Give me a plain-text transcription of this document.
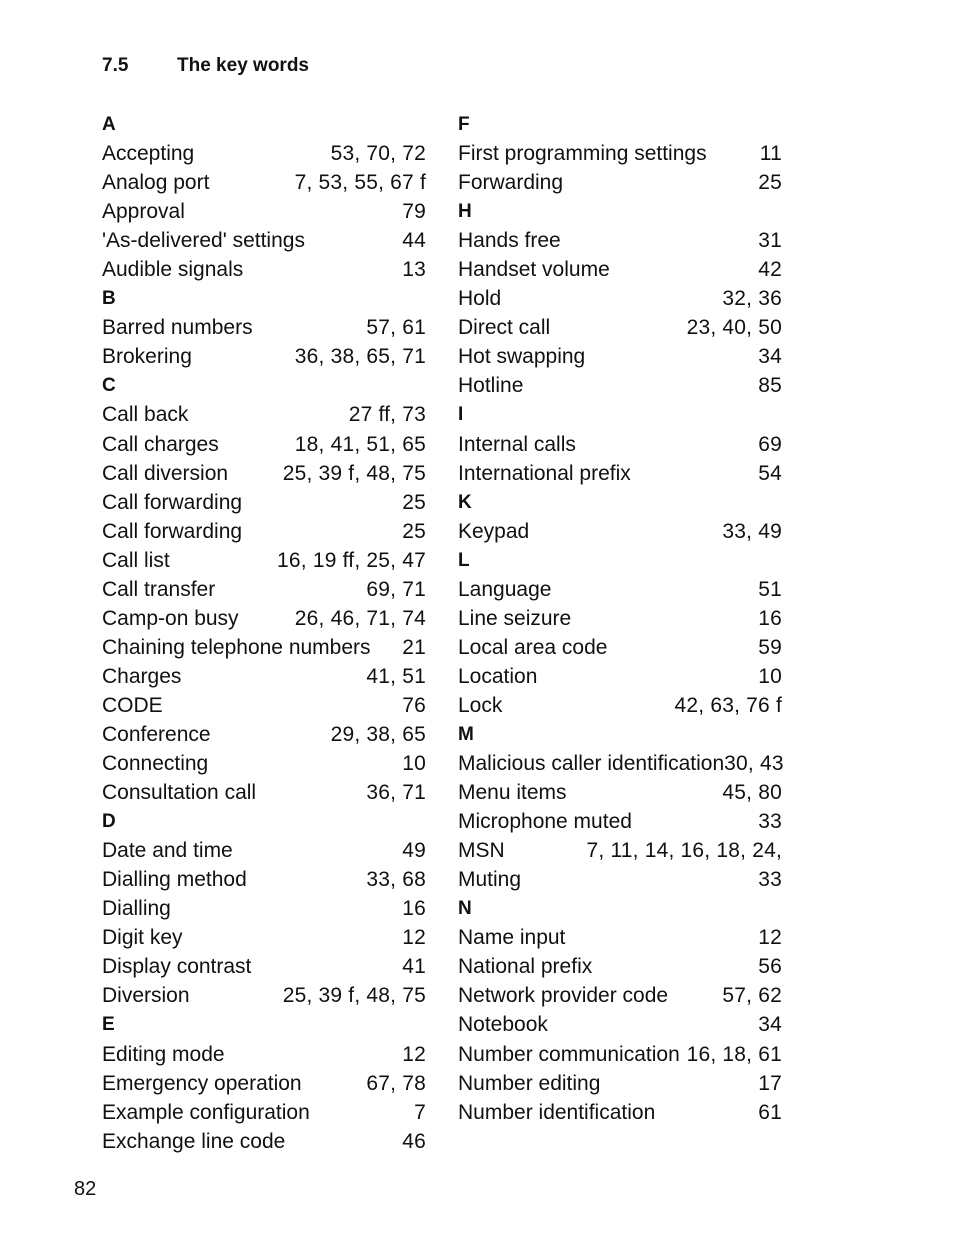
7.5	The key words
A
Accepting	53, 70, 72
Analog port	7, 53, 55, 67 f
Approval	79
'As-delivered' settings	44
Audible signals	13
B
Barred numbers	57, 61
Brokering	36, 38, 65, 71
C
Call back	27 ff, 73
Call charges	18, 41, 51, 65
Call diversion	25, 39 f, 48, 75
Call forwarding	25
Call forwarding	25
Call list	16, 19 ff, 25, 47
Call transfer	69, 71
Camp-on busy	26, 46, 71, 74
Chaining telephone numbers 21
Charges	41, 51
CODE	76
Conference	29, 38, 65
Connecting	10
Consultation call	36, 71
D
Date and time	49
Dialling method	33, 68
Dialling	16
Digit key	12
Display contrast	41
Diversion	25, 39 f, 48, 75
E
Editing mode	12
Emergency operation	67, 78
Example configuration	7
Exchange line code	46
F
First programming settings	11
Forwarding	25
H
Hands free	31
Handset volume	42
Hold	32, 36
Direct call	23, 40, 50
Hot swapping	34
Hotline	85
I
Internal calls	69
International prefix	54
K
Keypad	33, 49
L
Language	51
Line seizure	16
Local area code	59
Location	10
Lock	42, 63, 76 f
M
Malicious caller identification 30, 43
Menu items	45, 80
Microphone muted	33
MSN	7, 11, 14, 16, 18, 24,
Muting	33
N
Name input	12
National prefix	56
Network provider code	57, 62
Notebook	34
Number communication 16, 18, 61
Number editing	17
Number identification	61
82
